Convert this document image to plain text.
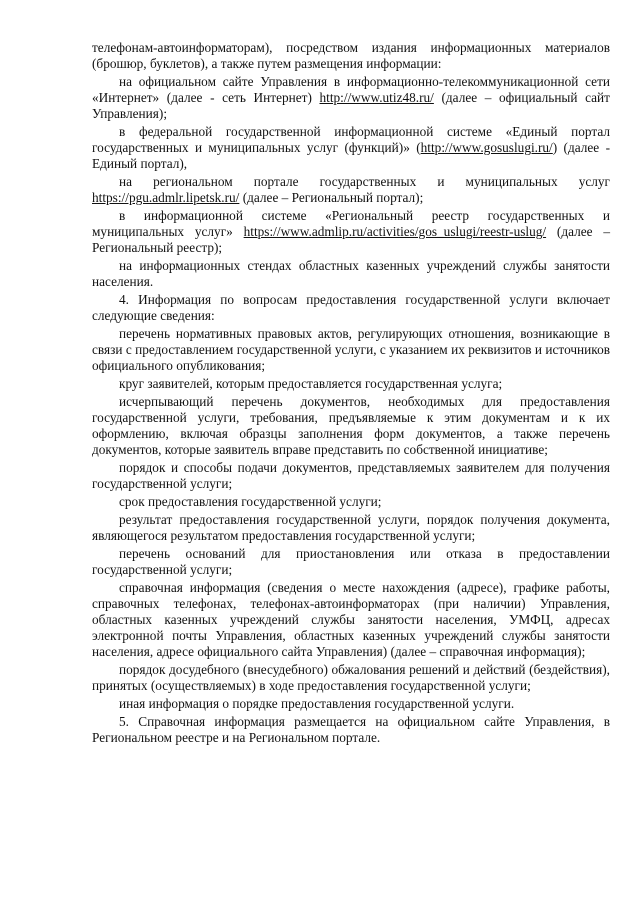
телефонам-автоинформаторам), посредством издания информационных материалов (брошюр, буклетов), а также путем размещения информации:

на официальном сайте Управления в информационно-телекоммуникационной сети «Интернет» (далее - сеть Интернет) http://www.utiz48.ru/ (далее – официальный сайт Управления);

в федеральной государственной информационной системе «Единый портал государственных и муниципальных услуг (функций)» (http://www.gosuslugi.ru/) (далее - Единый портал),

на региональном портале государственных и муниципальных услуг https://pgu.admlr.lipetsk.ru/ (далее – Региональный портал);

в информационной системе «Региональный реестр государственных и муниципальных услуг» https://www.admlip.ru/activities/gos_uslugi/reestr-uslug/ (далее – Региональный реестр);

на информационных стендах областных казенных учреждений службы занятости населения.

4. Информация по вопросам предоставления государственной услуги включает следующие сведения:

перечень нормативных правовых актов, регулирующих отношения, возникающие в связи с предоставлением государственной услуги, с указанием их реквизитов и источников официального опубликования;

круг заявителей, которым предоставляется государственная услуга;

исчерпывающий перечень документов, необходимых для предоставления государственной услуги, требования, предъявляемые к этим документам и к их оформлению, включая образцы заполнения форм документов, а также перечень документов, которые заявитель вправе представить по собственной инициативе;

порядок и способы подачи документов, представляемых заявителем для получения государственной услуги;

срок предоставления государственной услуги;

результат предоставления государственной услуги, порядок получения документа, являющегося результатом предоставления государственной услуги;

перечень оснований для приостановления или отказа в предоставлении государственной услуги;

справочная информация (сведения о месте нахождения (адресе), графике работы, справочных телефонах, телефонах-автоинформаторах (при наличии) Управления, областных казенных учреждений службы занятости населения, УМФЦ, адресах электронной почты Управления, областных казенных учреждений службы занятости населения, адресе официального сайта Управления) (далее – справочная информация);

порядок досудебного (внесудебного) обжалования решений и действий (бездействия), принятых (осуществляемых) в ходе предоставления государственной услуги;

иная информация о порядке предоставления государственной услуги.

5. Справочная информация размещается на официальном сайте Управления, в Региональном реестре и на Региональном портале.
